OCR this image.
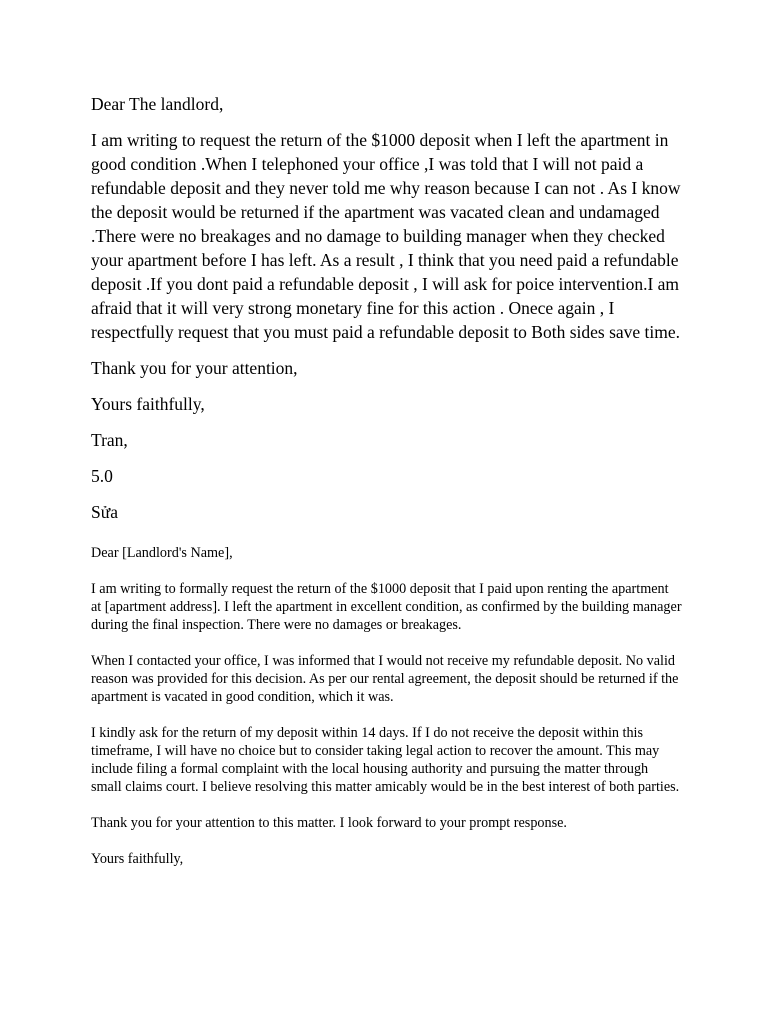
Dear The landlord,

I am writing to request the return of the $1000 deposit when I left the apartment in good condition .When I telephoned your office ,I was told that I will not paid a refundable deposit and they never told me why reason because I can not . As I know the deposit would be returned if the apartment was vacated clean and undamaged .There were no breakages and no damage to building manager when they checked your apartment before I has left. As a result , I think that you need paid a refundable deposit .If you dont paid a refundable deposit , I will ask for poice intervention.I am afraid that it will very strong monetary fine for this action . Onece again , I respectfully request that you must paid a refundable deposit to Both sides save time.

Thank you for your attention,

Yours faithfully,

Tran,

5.0

Sửa

Dear [Landlord's Name],

I am writing to formally request the return of the $1000 deposit that I paid upon renting the apartment at [apartment address]. I left the apartment in excellent condition, as confirmed by the building manager during the final inspection. There were no damages or breakages.

When I contacted your office, I was informed that I would not receive my refundable deposit. No valid reason was provided for this decision. As per our rental agreement, the deposit should be returned if the apartment is vacated in good condition, which it was.

I kindly ask for the return of my deposit within 14 days. If I do not receive the deposit within this timeframe, I will have no choice but to consider taking legal action to recover the amount. This may include filing a formal complaint with the local housing authority and pursuing the matter through small claims court. I believe resolving this matter amicably would be in the best interest of both parties.

Thank you for your attention to this matter. I look forward to your prompt response.

Yours faithfully,
